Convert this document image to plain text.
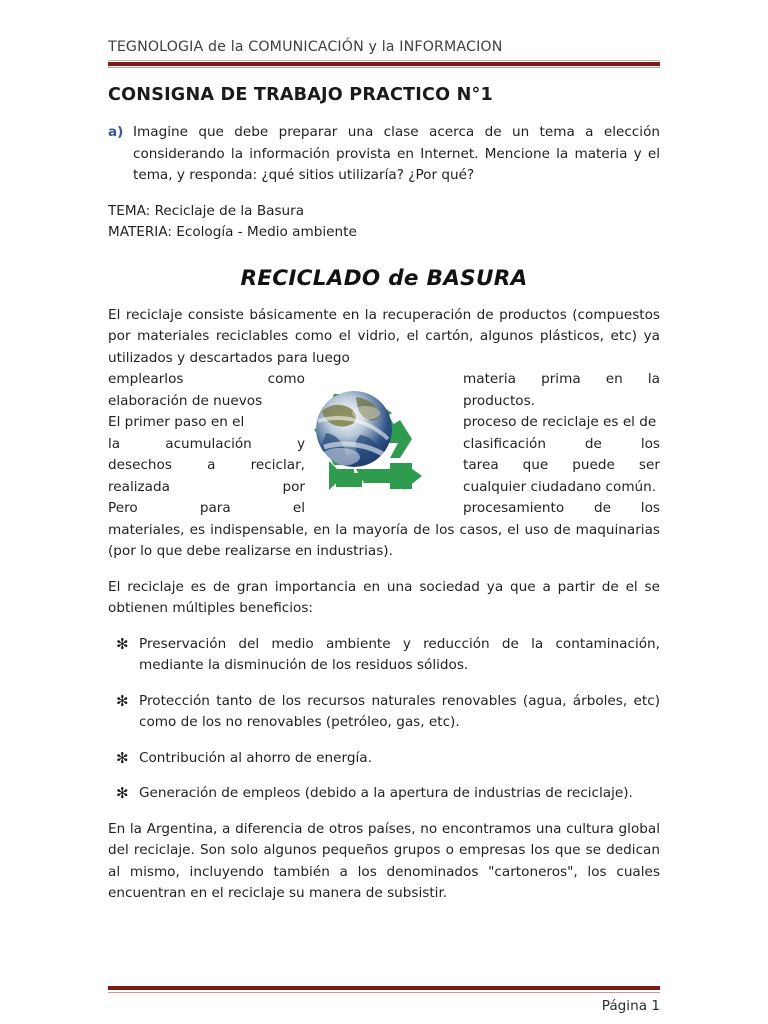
TEGNOLOGIA de la COMUNICACIÓN y la INFORMACION
CONSIGNA DE TRABAJO PRACTICO N°1
a) Imagine que debe preparar una clase acerca de un tema a elección considerando la información provista en Internet. Mencione la materia y el tema, y responda: ¿qué sitios utilizaría? ¿Por qué?

TEMA: Reciclaje de la Basura

MATERIA: Ecología - Medio ambiente

RECICLADO de BASURA

El reciclaje consiste básicamente en la recuperación de productos (compuestos por materiales reciclables como el vidrio, el cartón, algunos plásticos, etc) ya utilizados y descartados para luego

emplearlos	como
elaboración de nuevos
El primer paso en el
la	acumulación	y
desechos	a	reciclar,
realizada	por
Pero	para	el
materia prima en la
productos.
proceso de reciclaje es el de
clasificación	de	los
tarea que puede ser
cualquier ciudadano común.
procesamiento de los

materiales, es indispensable, en la mayoría de los casos, el uso de maquinarias (por lo que debe realizarse en industrias).

El reciclaje es de gran importancia en una sociedad ya que a partir de el se obtienen múltiples beneficios:

✻ Preservación del medio ambiente y reducción de la contaminación, mediante la disminución de los residuos sólidos.
✻ Protección tanto de los recursos naturales renovables (agua, árboles, etc) como de los no renovables (petróleo, gas, etc).
✻ Contribución al ahorro de energía.
✻ Generación de empleos (debido a la apertura de industrias de reciclaje).

En la Argentina, a diferencia de otros países, no encontramos una cultura global del reciclaje. Son solo algunos pequeños grupos o empresas los que se dedican al mismo, incluyendo también a los denominados "cartoneros", los cuales encuentran en el reciclaje su manera de subsistir.

Página 1
